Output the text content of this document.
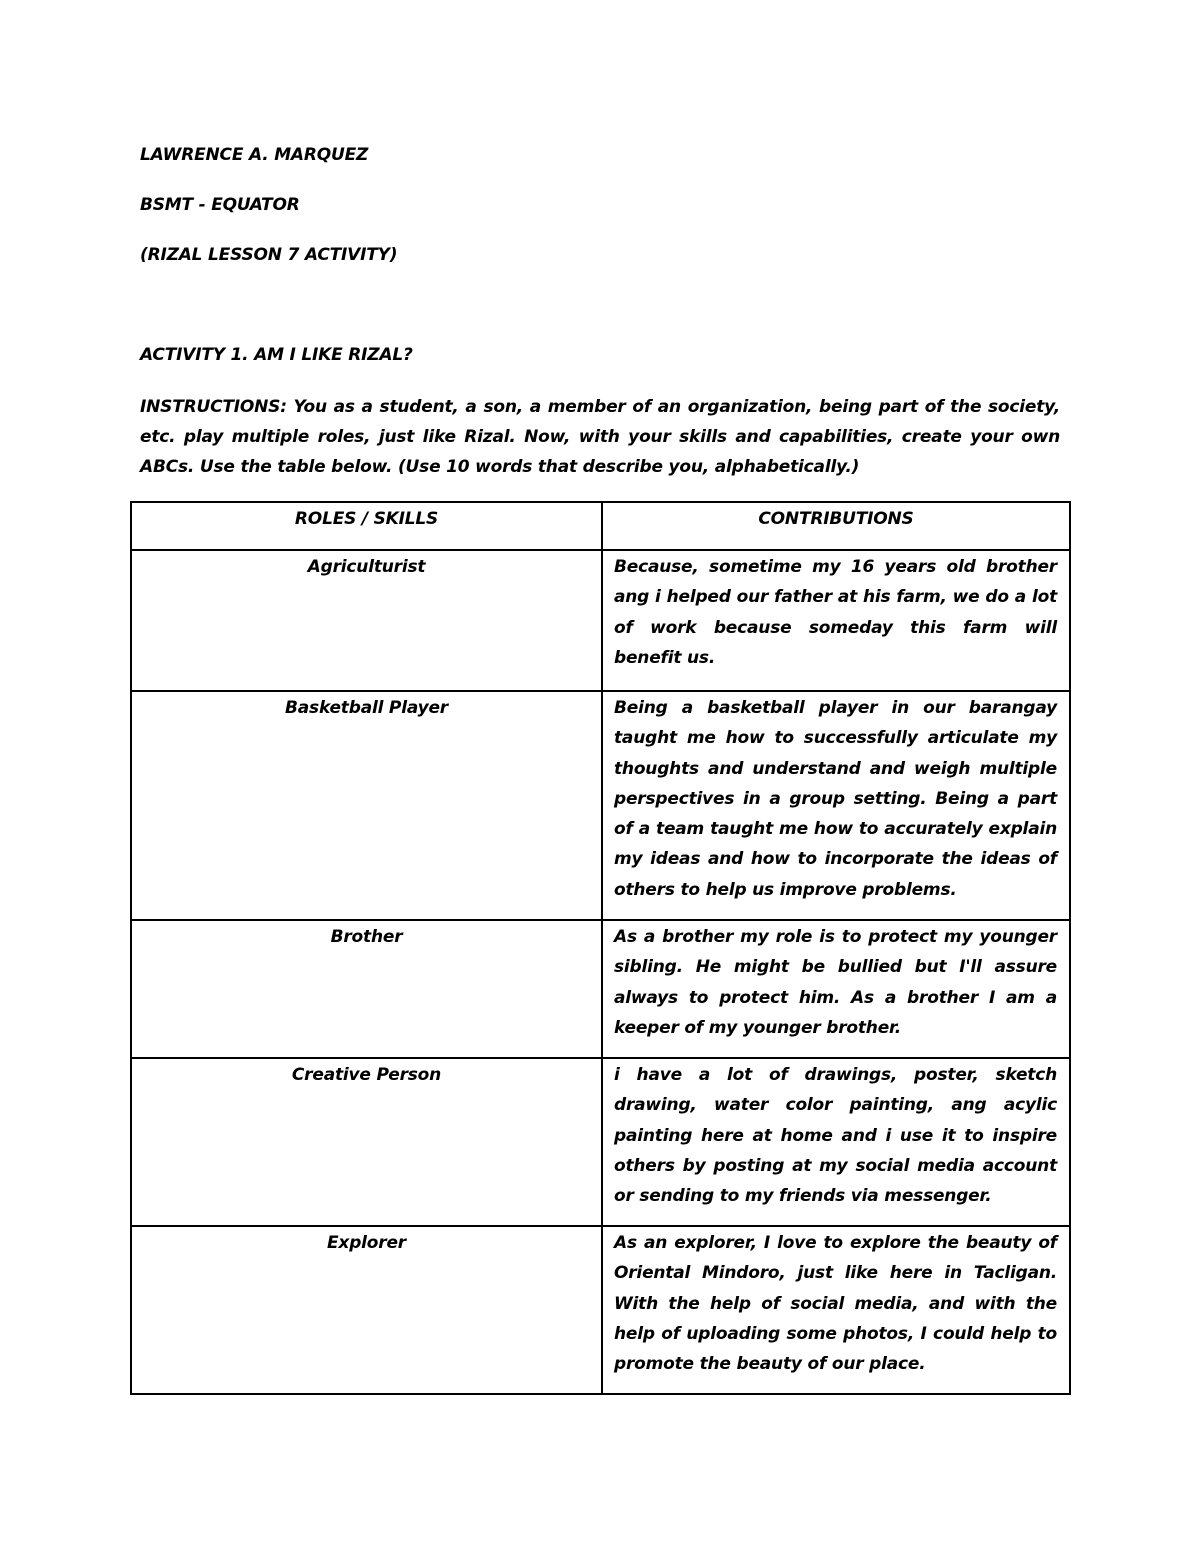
LAWRENCE A. MARQUEZ
BSMT - EQUATOR
(RIZAL LESSON 7 ACTIVITY)
ACTIVITY 1. AM I LIKE RIZAL?
INSTRUCTIONS: You as a student, a son, a member of an organization, being part of the society, etc. play multiple roles, just like Rizal. Now, with your skills and capabilities, create your own ABCs. Use the table below. (Use 10 words that describe you, alphabetically.)
ROLES / SKILLS	CONTRIBUTIONS
Agriculturist	Because, sometime my 16 years old brother ang i helped our father at his farm, we do a lot of work because someday this farm will benefit us.
Basketball Player	Being a basketball player in our barangay taught me how to successfully articulate my thoughts and understand and weigh multiple perspectives in a group setting. Being a part of a team taught me how to accurately explain my ideas and how to incorporate the ideas of others to help us improve problems.
Brother	As a brother my role is to protect my younger sibling. He might be bullied but I'll assure always to protect him. As a brother I am a keeper of my younger brother.
Creative Person	i have a lot of drawings, poster, sketch drawing, water color painting, ang acylic painting here at home and i use it to inspire others by posting at my social media account or sending to my friends via messenger.
Explorer	As an explorer, I love to explore the beauty of Oriental Mindoro, just like here in Tacligan. With the help of social media, and with the help of uploading some photos, I could help to promote the beauty of our place.
